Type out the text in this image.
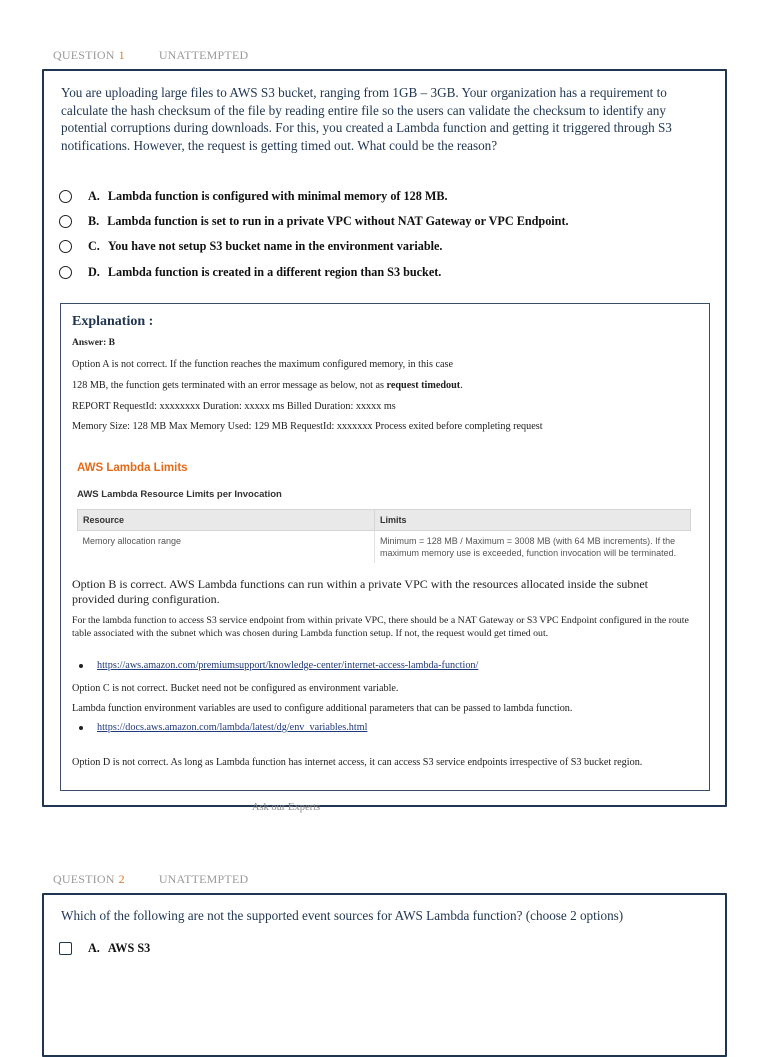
QUESTION 1	UNATTEMPTED
You are uploading large files to AWS S3 bucket, ranging from 1GB – 3GB. Your organization has a requirement to calculate the hash checksum of the file by reading entire file so the users can validate the checksum to identify any potential corruptions during downloads. For this, you created a Lambda function and getting it triggered through S3 notifications. However, the request is getting timed out. What could be the reason?
A. Lambda function is configured with minimal memory of 128 MB.
B. Lambda function is set to run in a private VPC without NAT Gateway or VPC Endpoint.
C. You have not setup S3 bucket name in the environment variable.
D. Lambda function is created in a different region than S3 bucket.
Explanation :
Answer: B
Option A is not correct. If the function reaches the maximum configured memory, in this case
128 MB, the function gets terminated with an error message as below, not as request timedout.
REPORT RequestId: xxxxxxxx Duration: xxxxx ms Billed Duration: xxxxx ms
Memory Size: 128 MB Max Memory Used: 129 MB RequestId: xxxxxxx Process exited before completing request
AWS Lambda Limits
AWS Lambda Resource Limits per Invocation
Resource	Limits
Memory allocation range	Minimum = 128 MB / Maximum = 3008 MB (with 64 MB increments). If the maximum memory use is exceeded, function invocation will be terminated.
Option B is correct. AWS Lambda functions can run within a private VPC with the resources allocated inside the subnet provided during configuration.
For the lambda function to access S3 service endpoint from within private VPC, there should be a NAT Gateway or S3 VPC Endpoint configured in the route table associated with the subnet which was chosen during Lambda function setup. If not, the request would get timed out.
https://aws.amazon.com/premiumsupport/knowledge-center/internet-access-lambda-function/
Option C is not correct. Bucket need not be configured as environment variable.
Lambda function environment variables are used to configure additional parameters that can be passed to lambda function.
https://docs.aws.amazon.com/lambda/latest/dg/env_variables.html
Option D is not correct. As long as Lambda function has internet access, it can access S3 service endpoints irrespective of S3 bucket region.
Ask our Experts
QUESTION 2	UNATTEMPTED
Which of the following are not the supported event sources for AWS Lambda function? (choose 2 options)
A. AWS S3
